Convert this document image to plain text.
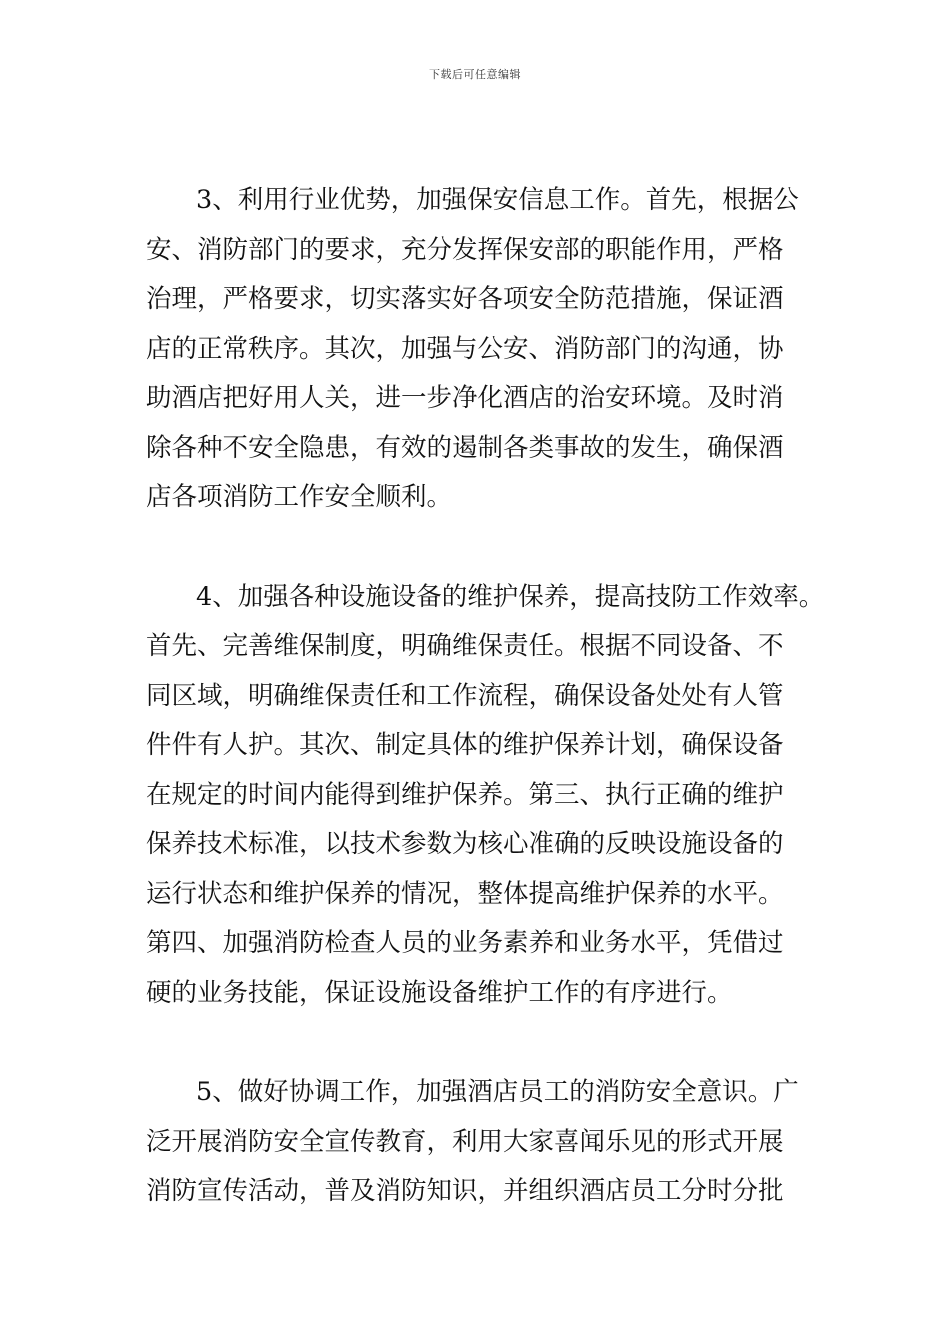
下载后可任意编辑
3、利用行业优势，加强保安信息工作。首先，根据公
安、消防部门的要求，充分发挥保安部的职能作用，严格
治理，严格要求，切实落实好各项安全防范措施，保证酒
店的正常秩序。其次，加强与公安、消防部门的沟通，协
助酒店把好用人关，进一步净化酒店的治安环境。及时消
除各种不安全隐患，有效的遏制各类事故的发生，确保酒
店各项消防工作安全顺利。
4、加强各种设施设备的维护保养，提高技防工作效率。
首先、完善维保制度，明确维保责任。根据不同设备、不
同区域，明确维保责任和工作流程，确保设备处处有人管
件件有人护。其次、制定具体的维护保养计划，确保设备
在规定的时间内能得到维护保养。第三、执行正确的维护
保养技术标准，以技术参数为核心准确的反映设施设备的
运行状态和维护保养的情况，整体提高维护保养的水平。
第四、加强消防检查人员的业务素养和业务水平，凭借过
硬的业务技能，保证设施设备维护工作的有序进行。
5、做好协调工作，加强酒店员工的消防安全意识。广
泛开展消防安全宣传教育，利用大家喜闻乐见的形式开展
消防宣传活动，普及消防知识，并组织酒店员工分时分批
